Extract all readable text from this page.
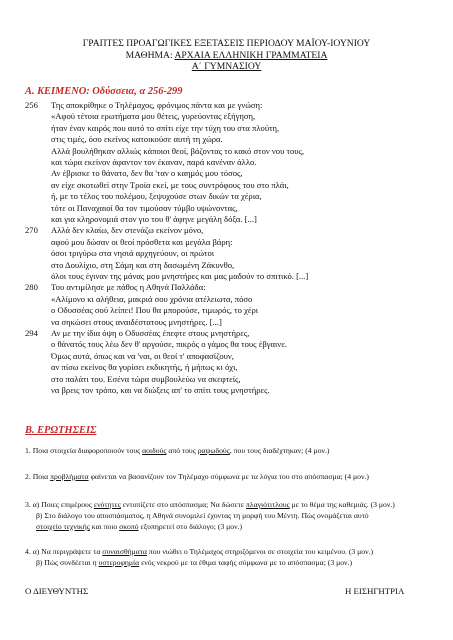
ΓΡΑΠΤΕΣ ΠΡΟΑΓΩΓΙΚΕΣ ΕΞΕΤΑΣΕΙΣ ΠΕΡΙΟΔΟΥ ΜΑΪΟΥ-ΙΟΥΝΙΟΥ
ΜΑΘΗΜΑ: ΑΡΧΑΙΑ ΕΛΛΗΝΙΚΗ ΓΡΑΜΜΑΤΕΙΑ
Α΄ ΓΥΜΝΑΣΙΟΥ
Α. ΚΕΙΜΕΝΟ: Οδύσσεια, α 256-299
256 Της αποκρίθηκε ο Τηλέμαχος, φρόνιμος πάντα και με γνώση:
«Αφού τέτοια ερωτήματα μου θέτεις, γυρεύοντας εξήγηση,
ήταν έναν καιρός που αυτό το σπίτι είχε την τύχη του στα πλούτη,
στις τιμές, όσο εκείνος κατοικούσε αυτή τη χώρα.
Αλλά βουλήθηκαν αλλιώς κάποιοι θεοί, βάζοντας το κακό στον νου τους,
και τώρα εκείνον άφαντον τον έκαναν, παρά κανέναν άλλο.
Αν έβρισκε το θάνατο, δεν θα 'ταν ο καημός μου τόσος,
αν είχε σκοτωθεί στην Τροία εκεί, με τους συντρόφους του στο πλάι,
ή, με το τέλος του πολέμου, ξεψυχούσε στων δικών τα χέρια,
τότε οι Παναχαιοί θα τον τιμούσαν τύμβο υψώνοντας,
και για κληρονομιά στον γιο του θ' άφηνε μεγάλη δόξα. [...]
270 Αλλά δεν κλαίω, δεν στενάζω εκείνον μόνο,
αφού μου δώσαν οι θεοί πρόσθετα και μεγάλα βάρη:
όσοι τριγύρω στα νησιά αρχηγεύουν, οι πρώτοι
στο Δουλίχιο, στη Σάμη και στη δασωμένη Ζάκυνθο,
όλοι τους έγιναν της μάνας μου μνηστήρες και μας μαδούν το σπιτικό. [...]
280 Του αντιμίλησε με πάθος η Αθηνά Παλλάδα:
«Αλίμονο κι αλήθεια, μακριά σου χρόνια ατέλειωτα, πόσο
ο Οδυσσέας σού λείπει! Που θα μπορούσε, τιμωρός, το χέρι
να σηκώσει στους αναιδέστατους μνηστήρες. [...]
294 Αν με την ίδια όψη ο Οδυσσέας έπεφτε στους μνηστήρες,
ο θάνατός τους λέω δεν θ' αργούσε, πικρός ο γάμος θα τους έβγαινε.
Όμως αυτά, όπως και να 'ναι, οι θεοί τ' αποφασίζουν,
αν πίσω εκείνος θα γυρίσει εκδικητής, ή μήπως κι όχι,
στο παλάτι του. Εσένα τώρα συμβουλεύω να σκεφτείς,
να βρεις τον τρόπο, και να διώξεις απ' το σπίτι τους μνηστήρες.
Β. ΕΡΩΤΗΣΕΙΣ
1. Ποια στοιχεία διαφοροποιούν τους αοιδούς από τους ραψωδούς, που τους διαδέχτηκαν; (4 μον.)
2. Ποια προβλήματα φαίνεται να βασανίζουν τον Τηλέμαχο σύμφωνα με τα λόγια του στο απόσπασμα; (4 μον.)
3. α) Ποιες επιμέρους ενότητες εντοπίζετε στο απόσπασμα; Να δώσετε πλαγιότιτλους με το θέμα της καθεμιάς. (3 μον.)
β) Στο διάλογο του αποσπάσματος, η Αθηνά συνομιλεί έχοντας τη μορφή του Μέντη. Πώς ονομάζεται αυτό
στοιχείο τεχνικής και ποιο σκοπό εξυπηρετεί στο διάλογο; (3 μον.)
4. α) Να περιγράψετε τα συναισθήματα που νιώθει ο Τηλέμαχος στηριζόμενοι σε στοιχεία του κειμένου. (3 μον.)
β) Πώς συνδέεται η υστεροφημία ενός νεκρού με τα έθιμα ταφής σύμφωνα με το απόσπασμα; (3 μον.)
Ο ΔΙΕΥΘΥΝΤΗΣ	Η ΕΙΣΗΓΗΤΡΙΑ
